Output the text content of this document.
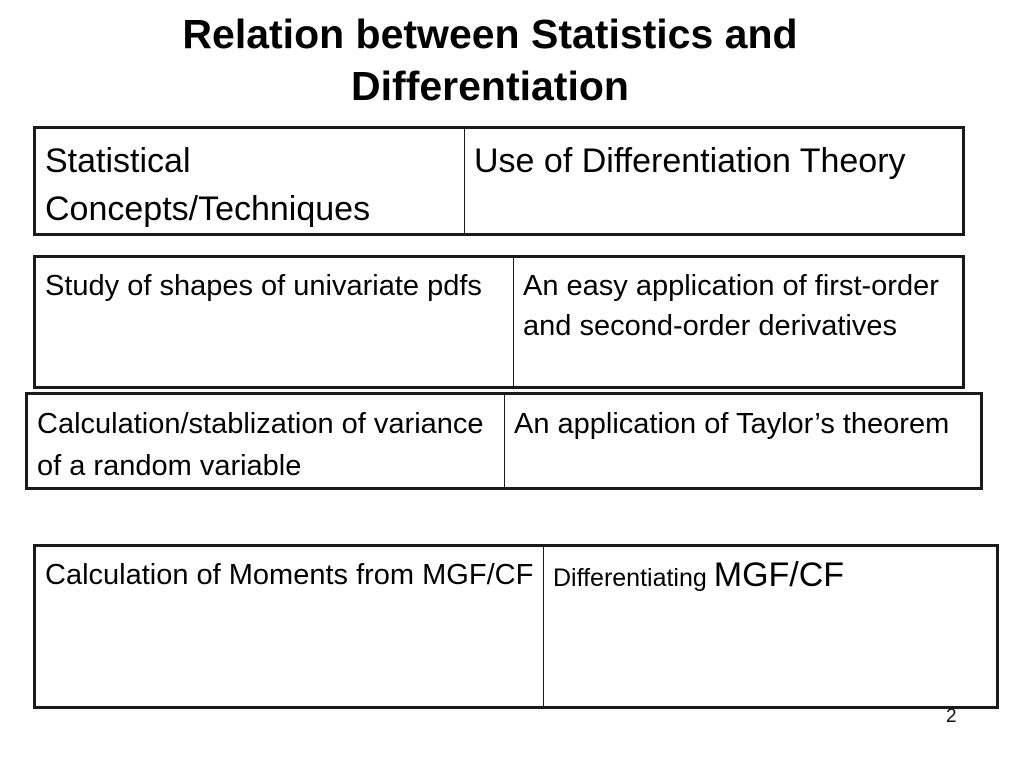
Relation between Statistics and
Differentiation
Statistical Concepts/Techniques	Use of Differentiation Theory
Study of shapes of univariate pdfs	An easy application of first-order and second-order derivatives
Calculation/stablization of variance of a random variable	An application of Taylor’s theorem
Calculation of Moments from MGF/CF	Differentiating MGF/CF
2
